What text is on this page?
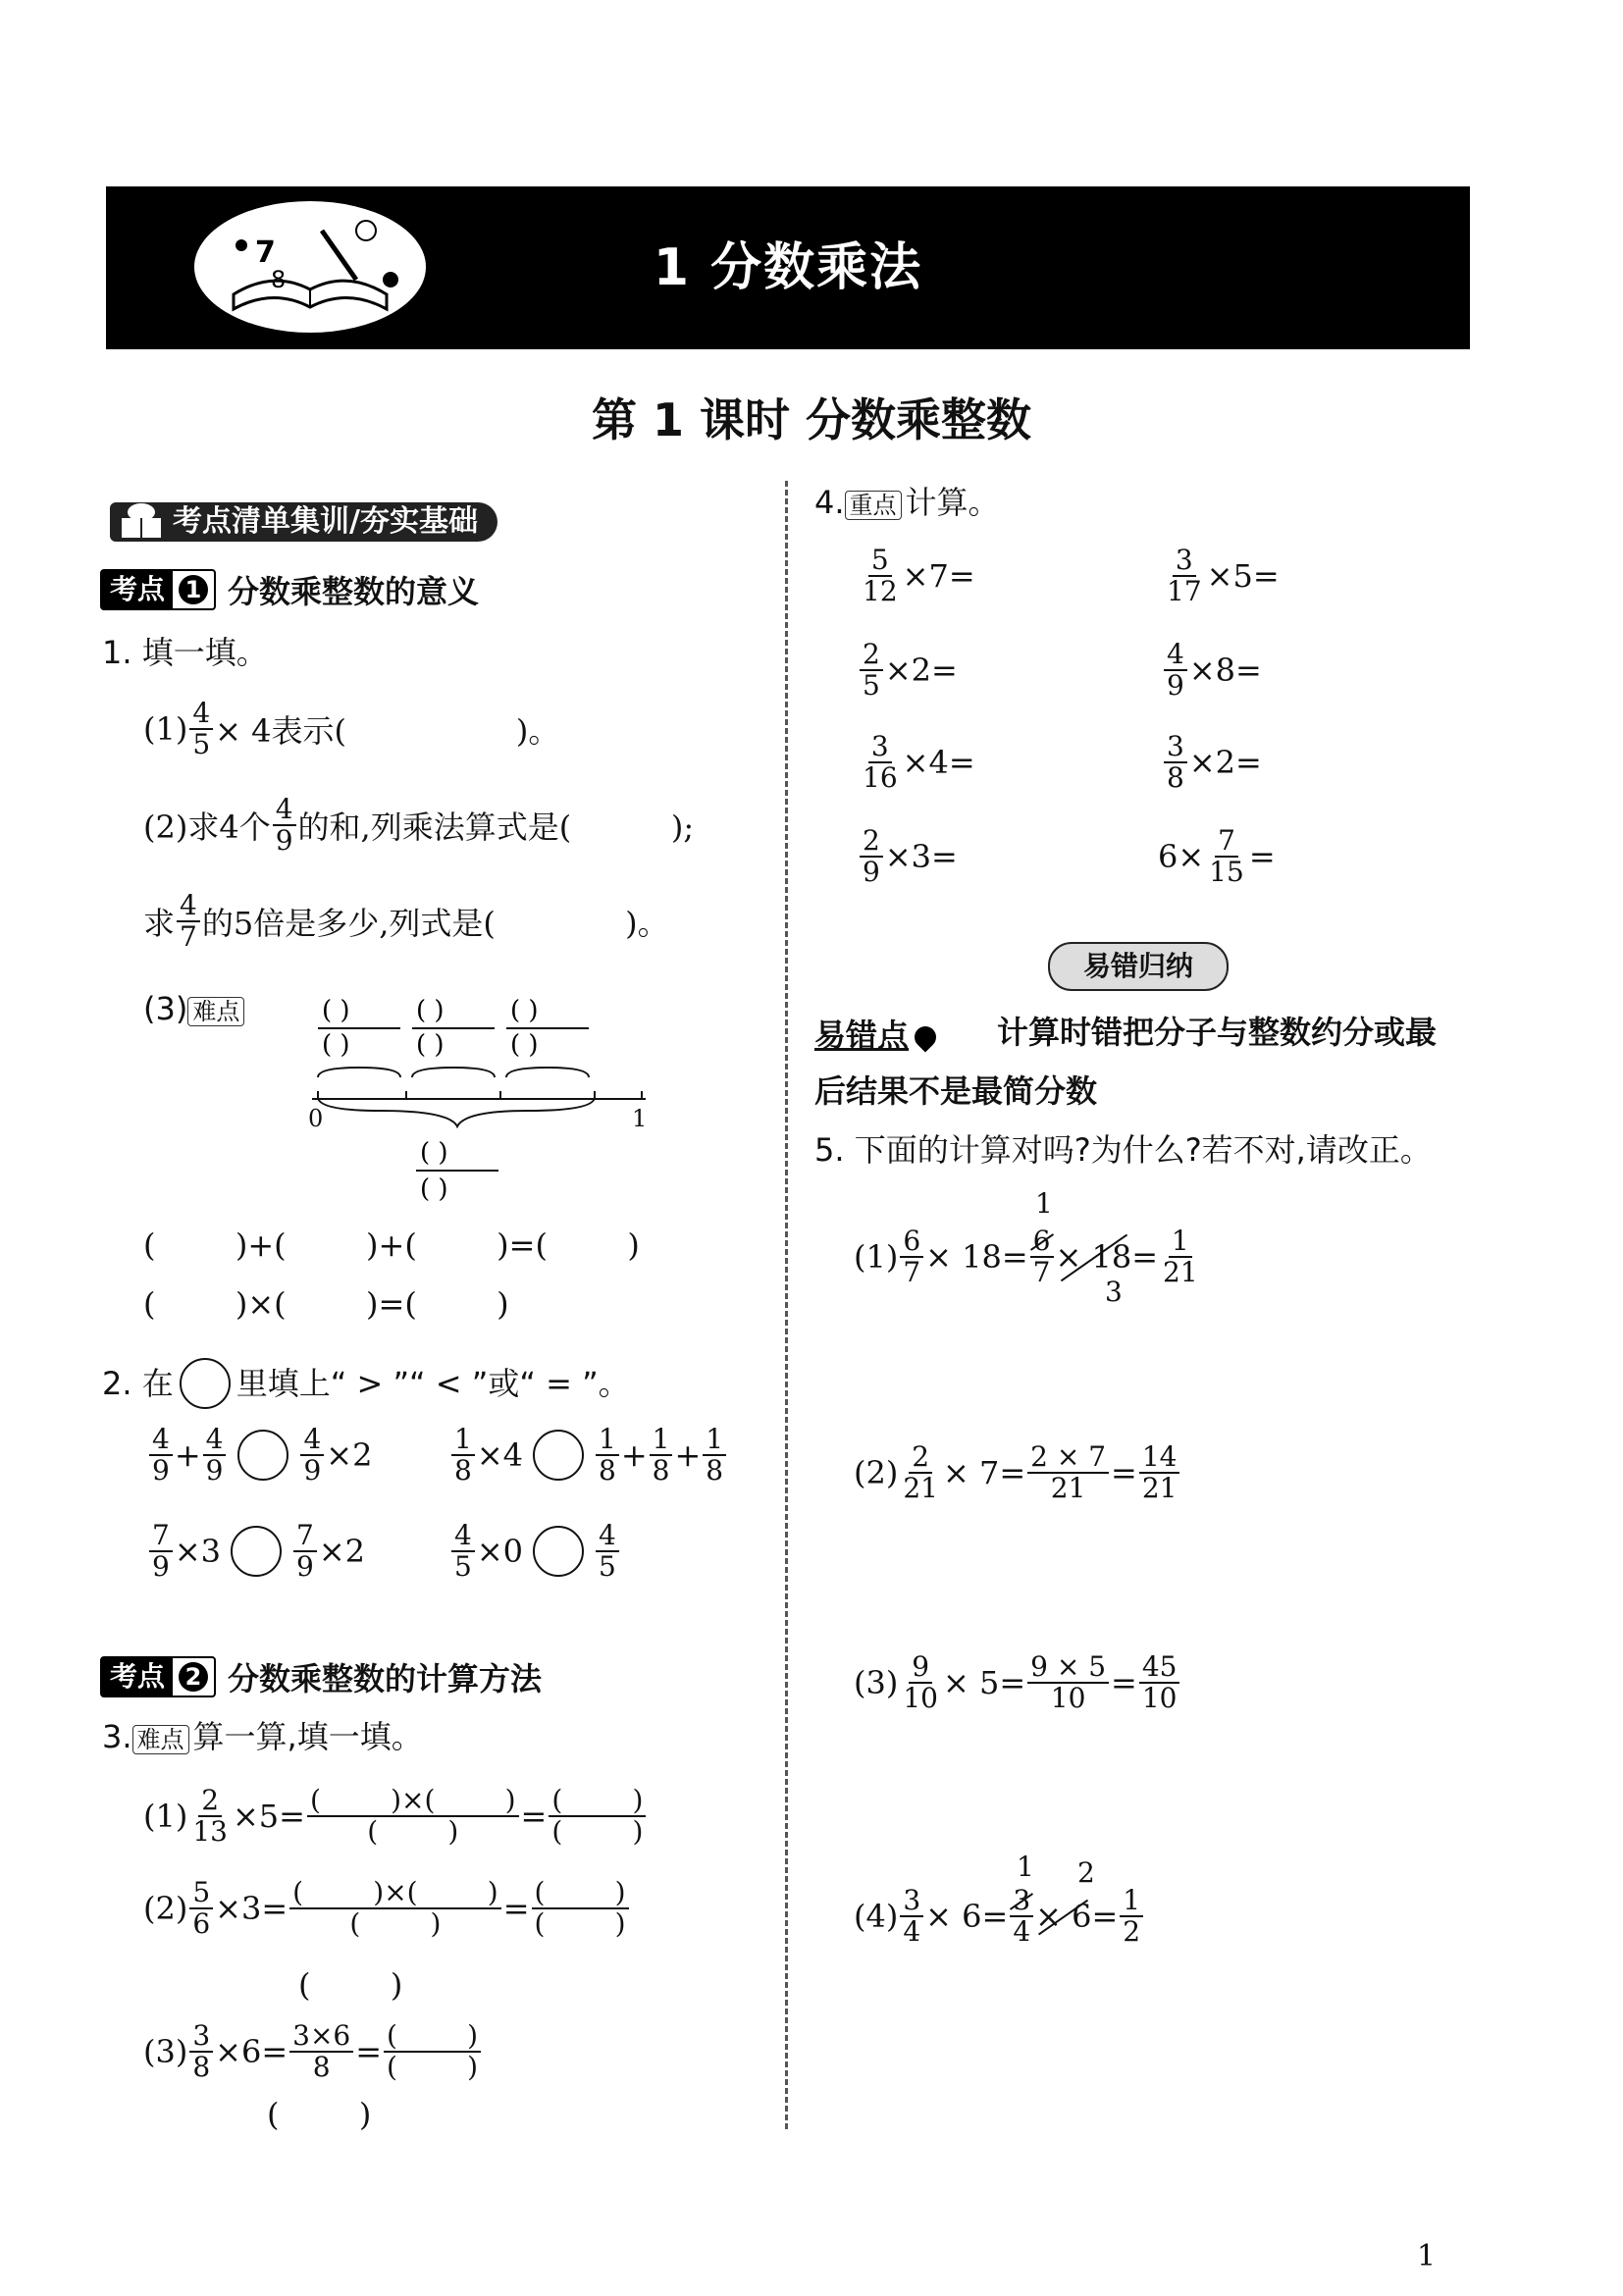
7
8	1 分数乘法
第 1 课时 分数乘整数
考点清单集训/夯实基础
考点 1 分数乘整数的意义
1. 填一填。
$(1) \frac{4}{5} \times 4$表示(                 )。
(2)求4个 $\frac{4}{9}$ 的和,列乘法算式是(          );
求 $\frac{4}{7}$ 的5倍是多少,列式是(             )。
(3) 难点	( )
( )
( )
( )
( )
( )
( )
( )
0	1
(        )+(        )+(        )=(        )
(        )×(        )=(        )
2. 在 里填上“ > ”“ < ”或“ = ”。
$\frac{4}{9} + \frac{4}{9}$	$\frac{4}{9} \times 2$	$\frac{1}{8} \times 4$	$\frac{1}{8} + \frac{1}{8} + \frac{1}{8}$
$\frac{7}{9} \times 3$	$\frac{7}{9} \times 2$	$\frac{4}{5} \times 0$	$\frac{4}{5}$
考点 2 分数乘整数的计算方法
3. 难点 算一算,填一填。
$(1) \frac{2}{13} \times 5= \frac{( )\times( )}{( )} = \frac{( )}{( )}$
$(2) \frac{5}{6} \times 3= \frac{( )\times( )}{( )} = \frac{( )}{( )}$
(        )
$(3) \frac{3}{8} \times 6= \frac{3\times 6}{8} = \frac{( )}{( )}$
(        )
4. 重点 计算。
$\frac{5}{12} \times 7=$	$\frac{3}{17} \times 5=$
$\frac{2}{5} \times 2=$	$\frac{4}{9} \times 8=$
$\frac{3}{16} \times 4=$	$\frac{3}{8} \times 2=$
$\frac{2}{9} \times 3=$	$6\times \frac{7}{15}$ =
易错归纳
易错点	计算时错把分子与整数约分或最
后结果不是最简分数
5. 下面的计算对吗?为什么?若不对,请改正。
1
$(1) \frac{6}{7} \times 18= \frac{6}{7} \times 18 = \frac{1}{21}$
3
$(2) \frac{2}{21} \times 7= \frac{2 \times 7}{21} = \frac{14}{21}$
$(3) \frac{9}{10} \times 5= \frac{9 \times 5}{10} = \frac{45}{10}$
1 2
$(4) \frac{3}{4} \times 6= \frac{3}{4} \times 6 = \frac{1}{2}$
1
